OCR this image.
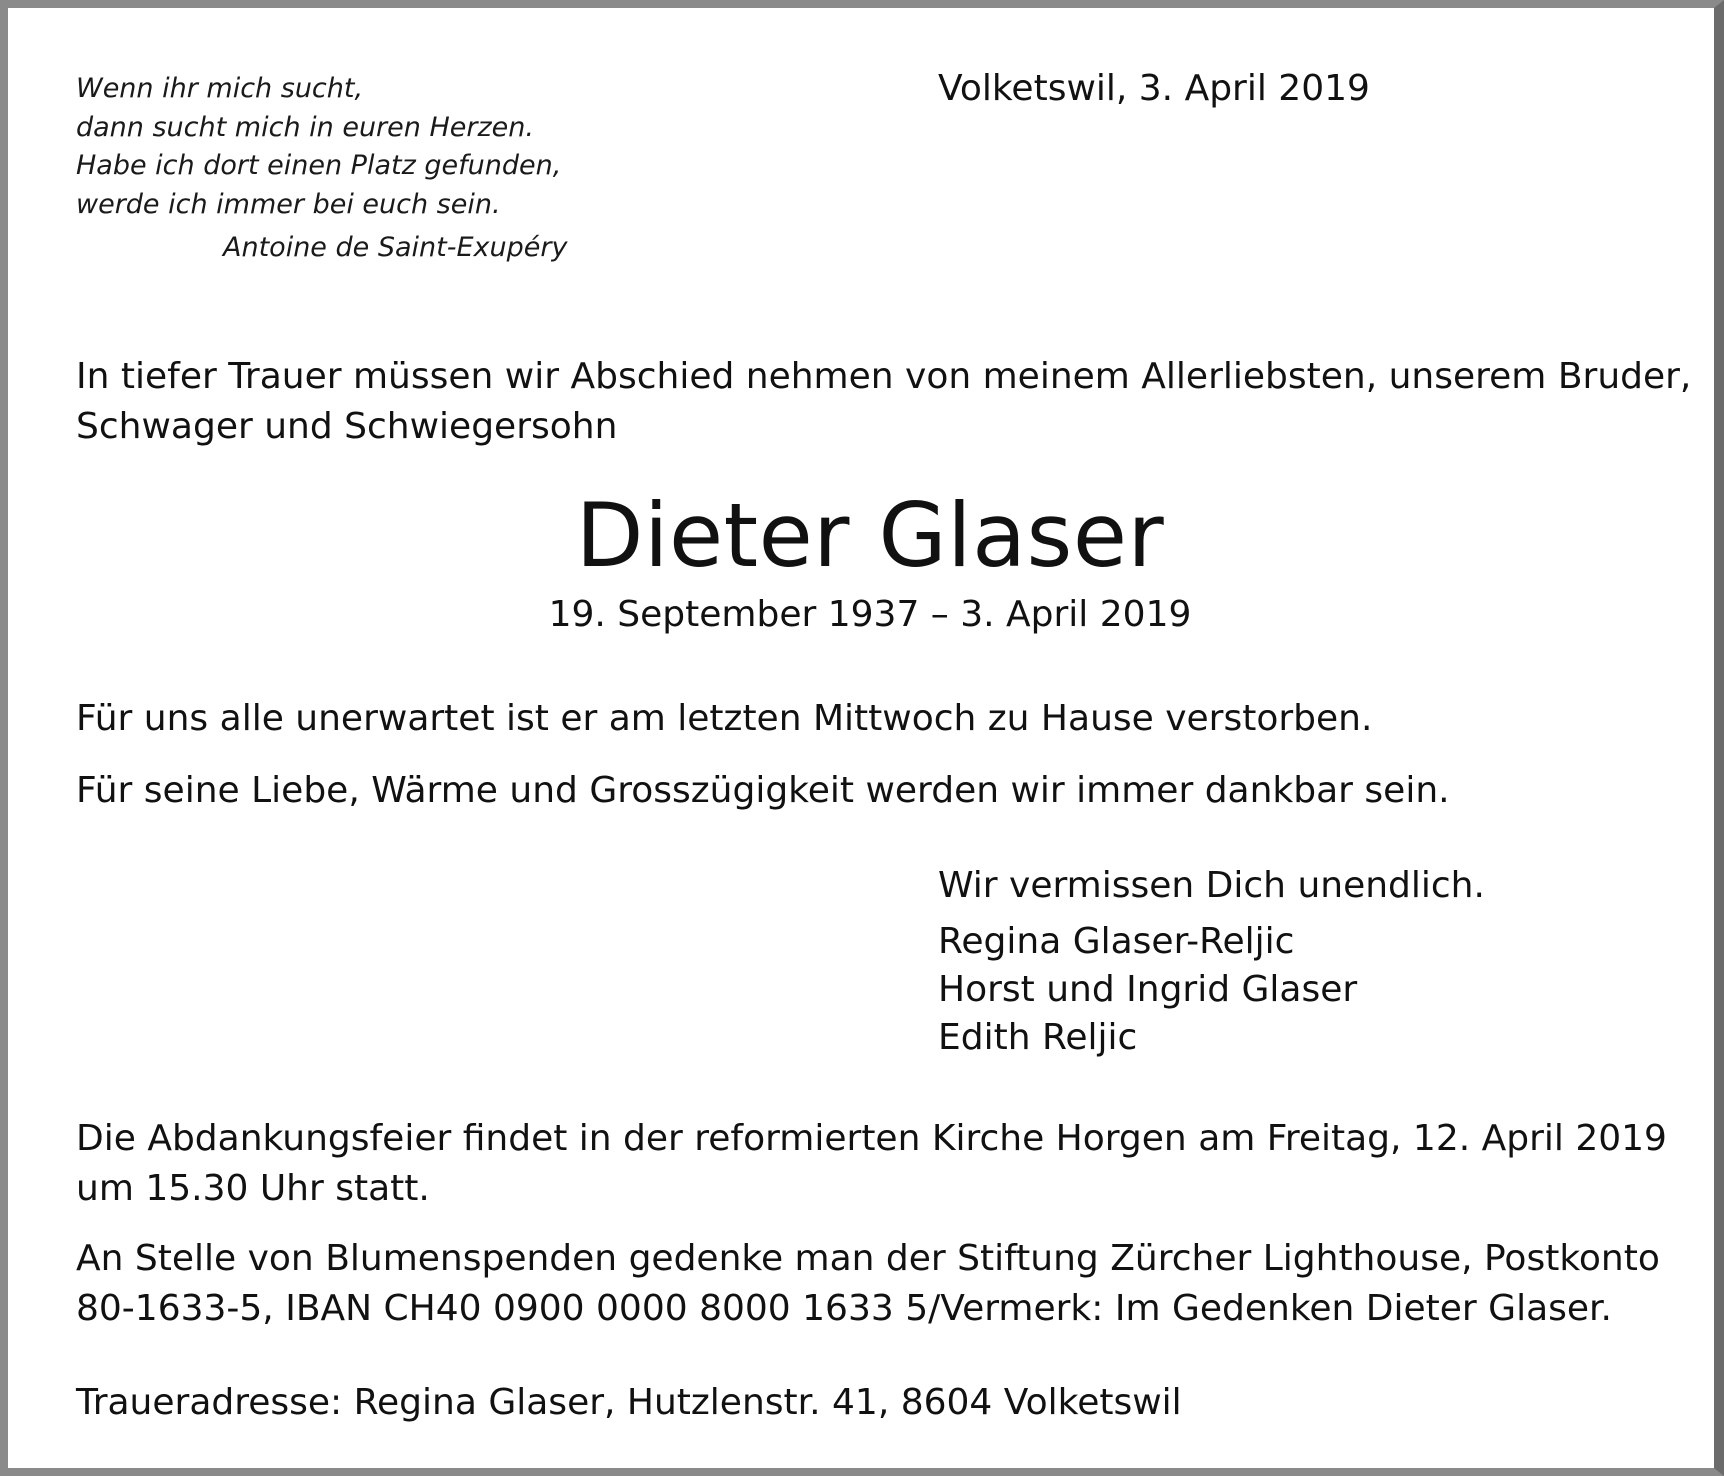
Wenn ihr mich sucht,
dann sucht mich in euren Herzen.
Habe ich dort einen Platz gefunden,
werde ich immer bei euch sein.
Antoine de Saint-Exupéry
Volketswil, 3. April 2019
In tiefer Trauer müssen wir Abschied nehmen von meinem Allerliebsten, unserem Bruder,
Schwager und Schwiegersohn
Dieter Glaser
19. September 1937 – 3. April 2019
Für uns alle unerwartet ist er am letzten Mittwoch zu Hause verstorben.
Für seine Liebe, Wärme und Grosszügigkeit werden wir immer dankbar sein.
Wir vermissen Dich unendlich.
Regina Glaser-Reljic
Horst und Ingrid Glaser
Edith Reljic
Die Abdankungsfeier findet in der reformierten Kirche Horgen am Freitag, 12. April 2019
um 15.30 Uhr statt.
An Stelle von Blumenspenden gedenke man der Stiftung Zürcher Lighthouse, Postkonto
80-1633-5, IBAN CH40 0900 0000 8000 1633 5/Vermerk: Im Gedenken Dieter Glaser.
Traueradresse: Regina Glaser, Hutzlenstr. 41, 8604 Volketswil
